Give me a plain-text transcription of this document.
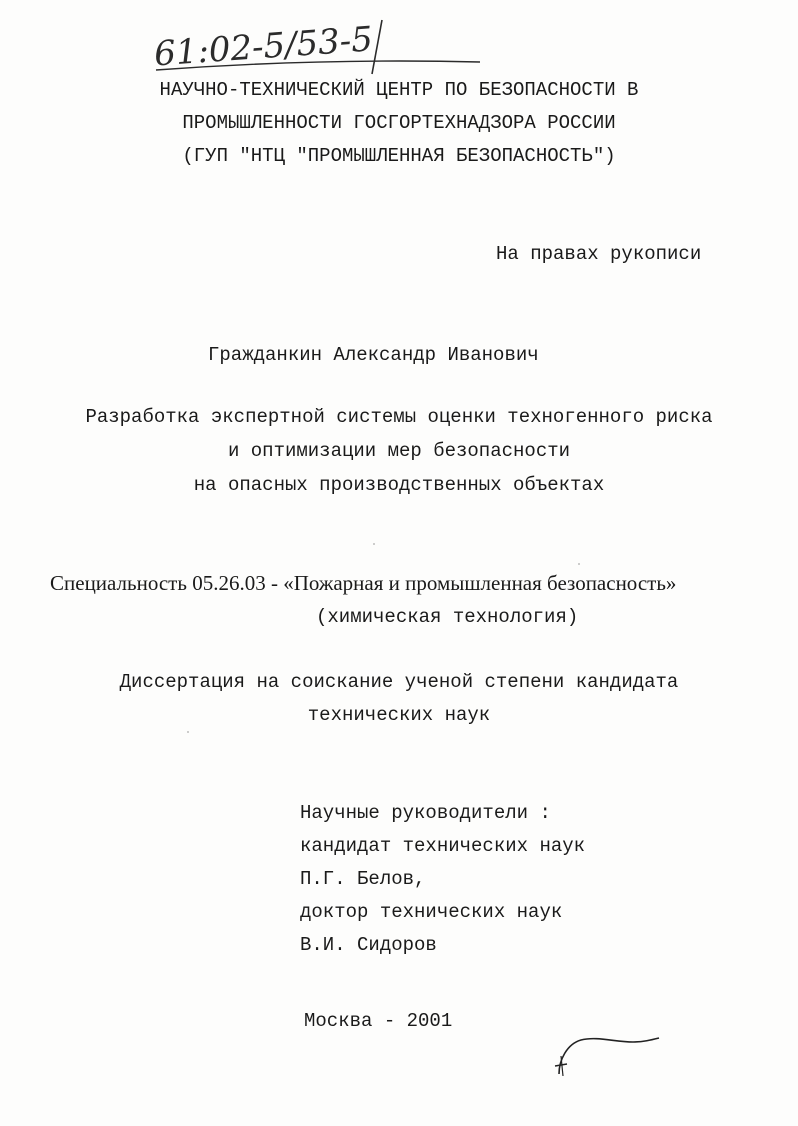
61:02-5/53-5
НАУЧНО-ТЕХНИЧЕСКИЙ ЦЕНТР ПО БЕЗОПАСНОСТИ В
ПРОМЫШЛЕННОСТИ ГОСГОРТЕХНАДЗОРА РОССИИ
(ГУП "НТЦ "ПРОМЫШЛЕННАЯ БЕЗОПАСНОСТЬ")
На правах рукописи
Гражданкин Александр Иванович
Разработка экспертной системы оценки техногенного риска
и оптимизации мер безопасности
на опасных производственных объектах
Специальность 05.26.03 - «Пожарная и промышленная безопасность»
(химическая технология)
Диссертация на соискание ученой степени кандидата
технических наук
Научные руководители :
кандидат технических наук
П.Г. Белов,
доктор технических наук
В.И. Сидоров
Москва - 2001
